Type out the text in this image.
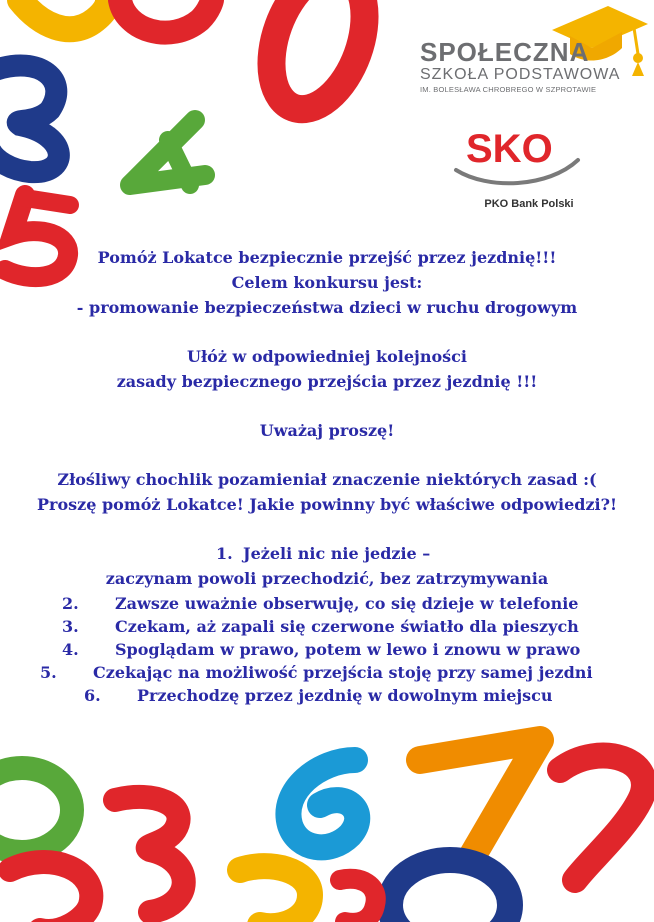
SPOŁECZNA
SZKOŁA PODSTAWOWA
IM. BOLESŁAWA CHROBREGO W SZPROTAWIE
SKO
PKO Bank Polski

Pomóż Lokatce bezpiecznie przejść przez jezdnię!!!

Celem konkursu jest:

- promowanie bezpieczeństwa dzieci w ruchu drogowym

Ułóż w odpowiedniej kolejności

zasady bezpiecznego przejścia przez jezdnię !!!

Uważaj proszę!

Złośliwy chochlik pozamieniał znaczenie niektórych zasad :(

Proszę pomóż Lokatce! Jakie powinny być właściwe odpowiedzi?!

1. Jeżeli nic nie jedzie –

zaczynam powoli przechodzić, bez zatrzymywania

2. Zawsze uważnie obserwuję, co się dzieje w telefonie
3. Czekam, aż zapali się czerwone światło dla pieszych
4. Spoglądam w prawo, potem w lewo i znowu w prawo
5. Czekając na możliwość przejścia stoję przy samej jezdni
6. Przechodzę przez jezdnię w dowolnym miejscu
